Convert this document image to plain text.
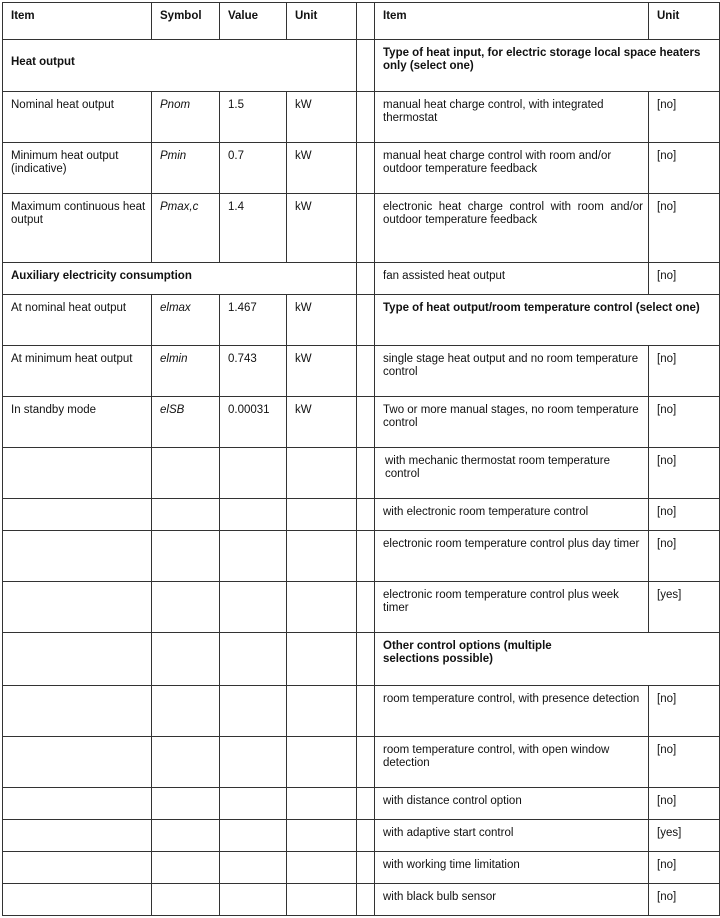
Item	Symbol	Value	Unit		Item	Unit
Heat output					Type of heat input, for electric storage local space heaters only (select one)	
Nominal heat output	Pnom	1.5	kW		manual heat charge control, with integrated thermostat	[no]
Minimum heat output (indicative)	Pmin	0.7	kW		manual heat charge control with room and/or outdoor temperature feedback	[no]
Maximum continuous heat output	Pmax,c	1.4	kW		electronic heat charge control with room and/or outdoor temperature feedback	[no]
Auxiliary electricity consumption					fan assisted heat output	[no]
At nominal heat output	elmax	1.467	kW		Type of heat output/room temperature control (select one)	
At minimum heat output	elmin	0.743	kW		single stage heat output and no room temperature control	[no]
In standby mode	elSB	0.00031	kW		Two or more manual stages, no room temperature control	[no]
					with mechanic thermostat room temperature control	[no]
					with electronic room temperature control	[no]
					electronic room temperature control plus day timer	[no]
					electronic room temperature control plus week timer	[yes]
					Other control options (multiple selections possible)	
					room temperature control, with presence detection	[no]
					room temperature control, with open window detection	[no]
					with distance control option	[no]
					with adaptive start control	[yes]
					with working time limitation	[no]
					with black bulb sensor	[no]
